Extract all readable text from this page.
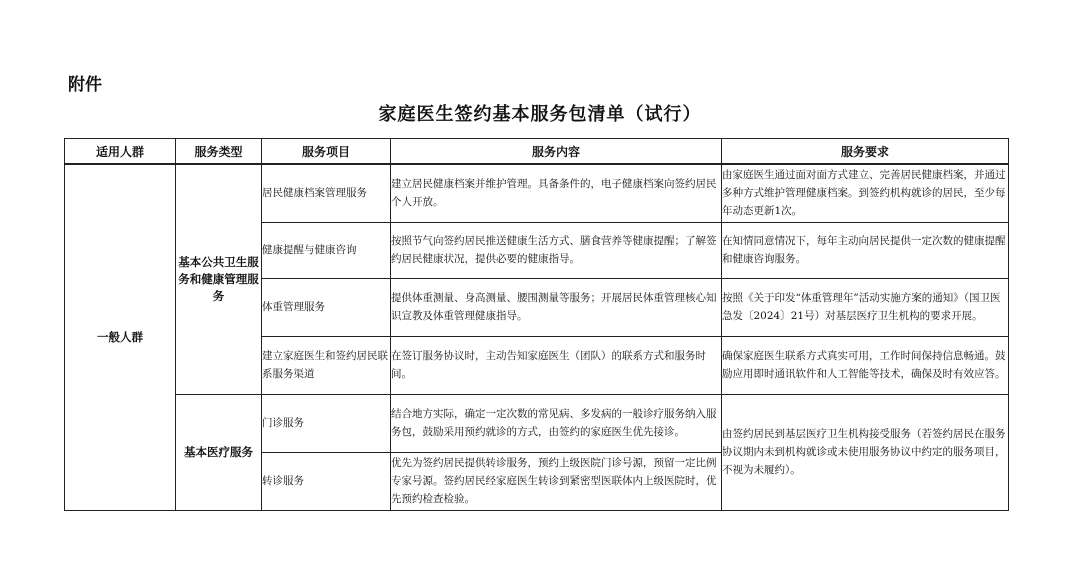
附件
家庭医生签约基本服务包清单（试行）
适用人群	服务类型	服务项目	服务内容	服务要求
一般人群	基本公共卫生服务和健康管理服务	居民健康档案管理服务	建立居民健康档案并维护管理。具备条件的，电子健康档案向签约居民个人开放。	由家庭医生通过面对面方式建立、完善居民健康档案，并通过多种方式维护管理健康档案。到签约机构就诊的居民，至少每年动态更新1次。
		健康提醒与健康咨询	按照节气向签约居民推送健康生活方式、膳食营养等健康提醒；了解签约居民健康状况，提供必要的健康指导。	在知情同意情况下，每年主动向居民提供一定次数的健康提醒和健康咨询服务。
		体重管理服务	提供体重测量、身高测量、腰围测量等服务；开展居民体重管理核心知识宣教及体重管理健康指导。	按照《关于印发“体重管理年”活动实施方案的通知》（国卫医急发〔2024〕21号）对基层医疗卫生机构的要求开展。
		建立家庭医生和签约居民联系服务渠道	在签订服务协议时，主动告知家庭医生（团队）的联系方式和服务时间。	确保家庭医生联系方式真实可用，工作时间保持信息畅通。鼓励应用即时通讯软件和人工智能等技术，确保及时有效应答。
	基本医疗服务	门诊服务	结合地方实际，确定一定次数的常见病、多发病的一般诊疗服务纳入服务包，鼓励采用预约就诊的方式，由签约的家庭医生优先接诊。	由签约居民到基层医疗卫生机构接受服务（若签约居民在服务协议期内未到机构就诊或未使用服务协议中约定的服务项目，不视为未履约）。
		转诊服务	优先为签约居民提供转诊服务，预约上级医院门诊号源，预留一定比例专家号源。签约居民经家庭医生转诊到紧密型医联体内上级医院时，优先预约检查检验。	
